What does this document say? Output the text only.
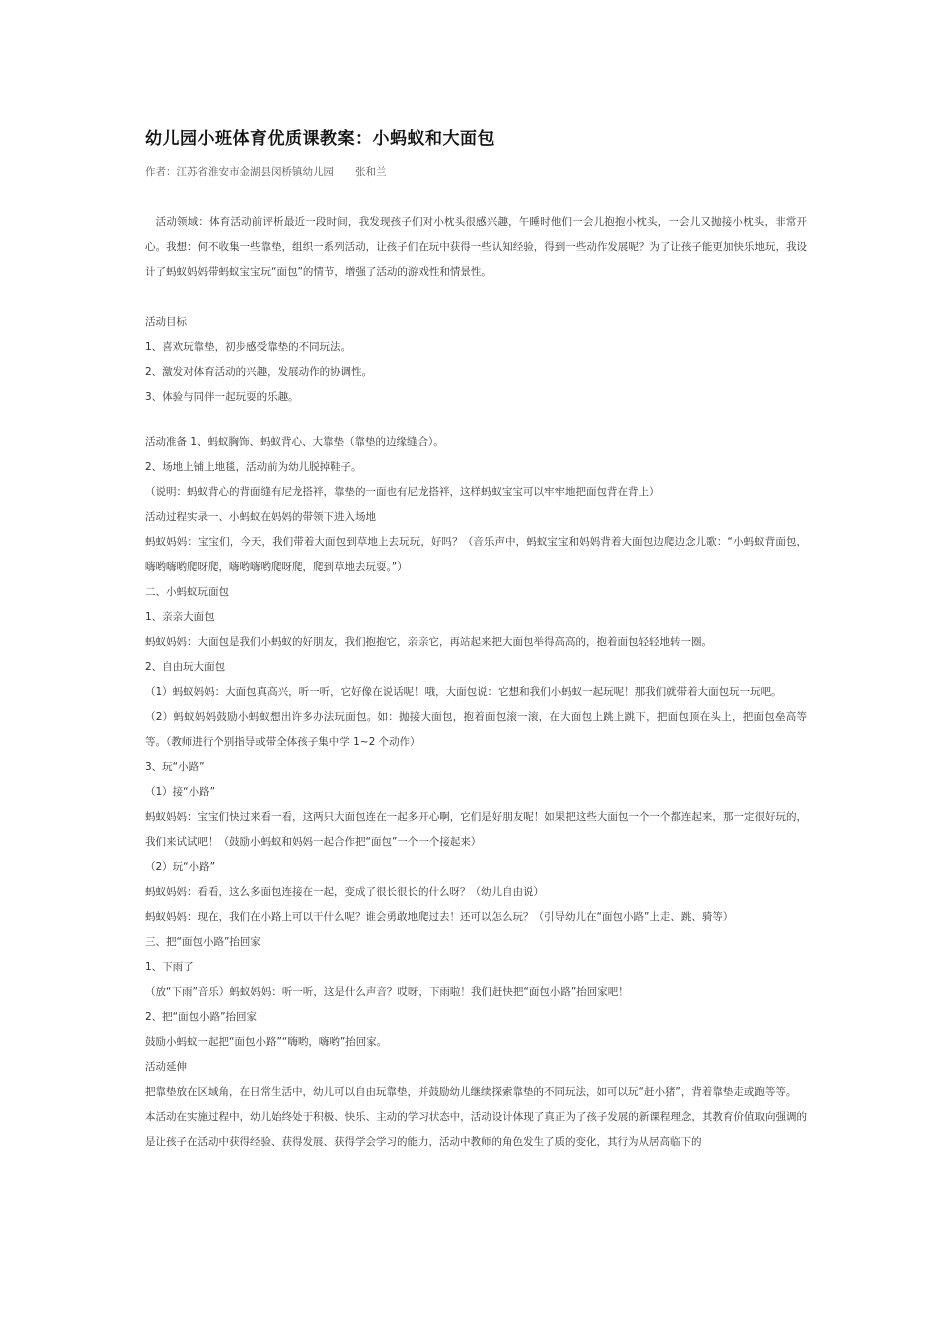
幼儿园小班体育优质课教案：小蚂蚁和大面包
作者：江苏省淮安市金湖县闵桥镇幼儿园　　张和兰

　活动领域：体育活动前评析最近一段时间，我发现孩子们对小枕头很感兴趣，午睡时他们一会儿抱抱小枕头，一会儿又抛接小枕头，非常开心。我想：何不收集一些靠垫，组织一系列活动，让孩子们在玩中获得一些认知经验，得到一些动作发展呢？为了让孩子能更加快乐地玩，我设计了蚂蚁妈妈带蚂蚁宝宝玩“面包”的情节，增强了活动的游戏性和情景性。

活动目标

1、喜欢玩靠垫，初步感受靠垫的不同玩法。

2、激发对体育活动的兴趣，发展动作的协调性。

3、体验与同伴一起玩耍的乐趣。

活动准备 1、蚂蚁胸饰、蚂蚁背心、大靠垫（靠垫的边缘缝合）。

2、场地上铺上地毯，活动前为幼儿脱掉鞋子。

（说明：蚂蚁背心的背面缝有尼龙搭袢，靠垫的一面也有尼龙搭袢，这样蚂蚁宝宝可以牢牢地把面包背在背上）

活动过程实录一、小蚂蚁在妈妈的带领下进入场地

蚂蚁妈妈：宝宝们，今天，我们带着大面包到草地上去玩玩，好吗？（音乐声中，蚂蚁宝宝和妈妈背着大面包边爬边念儿歌：“小蚂蚁背面包，嗨哟嗨哟爬呀爬，嗨哟嗨哟爬呀爬，爬到草地去玩耍。”）

二、小蚂蚁玩面包

1、亲亲大面包

蚂蚁妈妈：大面包是我们小蚂蚁的好朋友，我们抱抱它，亲亲它，再站起来把大面包举得高高的，抱着面包轻轻地转一圈。

2、自由玩大面包

（1）蚂蚁妈妈：大面包真高兴，听一听，它好像在说话呢！哦，大面包说：它想和我们小蚂蚁一起玩呢！那我们就带着大面包玩一玩吧。

（2）蚂蚁妈妈鼓励小蚂蚁想出许多办法玩面包。如：抛接大面包，抱着面包滚一滚，在大面包上跳上跳下，把面包顶在头上，把面包垒高等等。（教师进行个别指导或带全体孩子集中学 1~2 个动作）

3、玩“小路”

（1）接“小路”

蚂蚁妈妈：宝宝们快过来看一看，这两只大面包连在一起多开心啊，它们是好朋友呢！如果把这些大面包一个一个都连起来，那一定很好玩的，我们来试试吧！（鼓励小蚂蚁和妈妈一起合作把“面包”一个一个接起来）

（2）玩“小路”

蚂蚁妈妈：看看，这么多面包连接在一起，变成了很长很长的什么呀？（幼儿自由说）

蚂蚁妈妈：现在，我们在小路上可以干什么呢？谁会勇敢地爬过去！还可以怎么玩？（引导幼儿在“面包小路”上走、跳、骑等）

三、把“面包小路”抬回家

1、下雨了

（放“下雨”音乐）蚂蚁妈妈：听一听，这是什么声音？哎呀，下雨啦！我们赶快把“面包小路”抬回家吧！

2、把“面包小路”抬回家

鼓励小蚂蚁一起把“面包小路”“嗨哟，嗨哟”抬回家。

活动延伸

把靠垫放在区域角，在日常生活中，幼儿可以自由玩靠垫，并鼓励幼儿继续探索靠垫的不同玩法，如可以玩“赶小猪”，背着靠垫走或跑等等。

本活动在实施过程中，幼儿始终处于积极、快乐、主动的学习状态中，活动设计体现了真正为了孩子发展的新课程理念，其教育价值取向强调的是让孩子在活动中获得经验、获得发展、获得学会学习的能力，活动中教师的角色发生了质的变化，其行为从居高临下的
